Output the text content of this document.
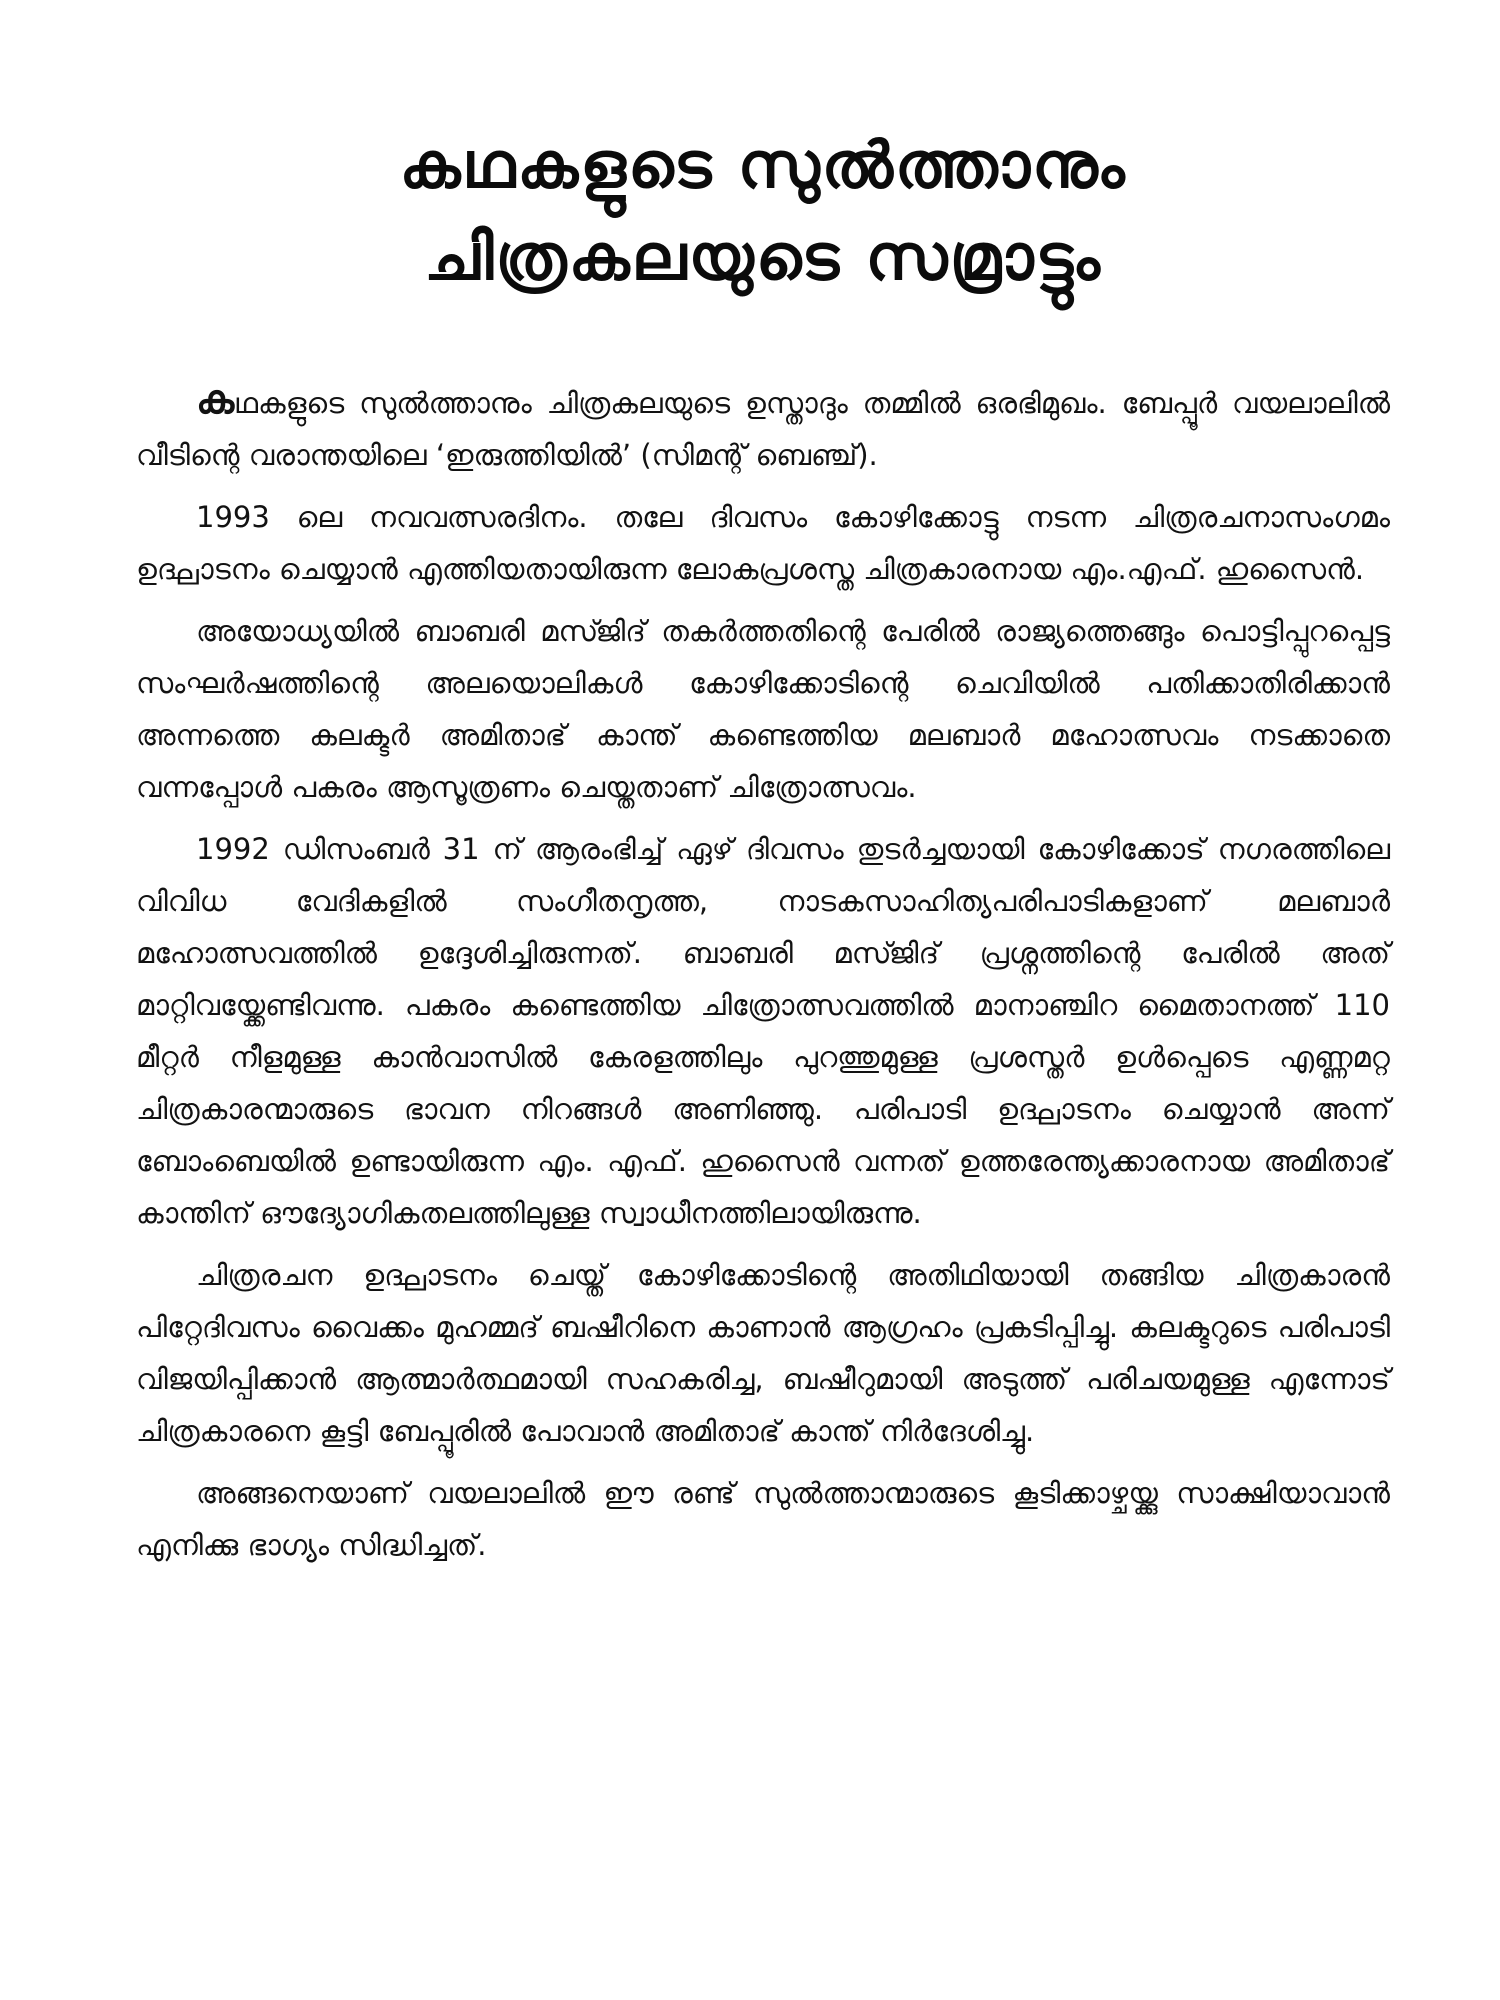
കഥകളുടെ സുൽത്താനും
ചിത്രകലയുടെ സമ്രാട്ടും

കഥകളുടെ സുൽത്താനും ചിത്രകലയുടെ ഉസ്താദും തമ്മിൽ ഒരഭിമുഖം. ബേപ്പൂർ വയലാലിൽ വീടിന്റെ വരാന്തയിലെ ‘ഇരുത്തിയിൽ’ (സിമന്റ് ബെഞ്ച്).

1993 ലെ നവവത്സരദിനം. തലേ ദിവസം കോഴിക്കോട്ടു നടന്ന ചിത്രരചനാസംഗമം ഉദ്ഘാടനം ചെയ്യാൻ എത്തിയതായിരുന്ന ലോകപ്രശസ്ത ചിത്രകാരനായ എം.എഫ്. ഹുസൈൻ.

അയോധ്യയിൽ ബാബരി മസ്ജിദ് തകർത്തതിന്റെ പേരിൽ രാജ്യത്തെങ്ങും പൊട്ടിപ്പുറപ്പെട്ട സംഘർഷത്തിന്റെ അലയൊലികൾ കോഴിക്കോടിന്റെ ചെവിയിൽ പതിക്കാതിരിക്കാൻ അന്നത്തെ കലക്ടർ അമിതാഭ് കാന്ത് കണ്ടെത്തിയ മലബാർ മഹോത്സവം നടക്കാതെ വന്നപ്പോൾ പകരം ആസൂത്രണം ചെയ്തതാണ് ചിത്രോത്സവം.

1992 ഡിസംബർ 31 ന് ആരംഭിച്ച് ഏഴ് ദിവസം തുടർച്ചയായി കോഴിക്കോട് നഗരത്തിലെ വിവിധ വേദികളിൽ സംഗീതനൃത്ത, നാടകസാഹിത്യപരിപാടികളാണ് മലബാർ മഹോത്സവത്തിൽ ഉദ്ദേശിച്ചിരുന്നത്. ബാബരി മസ്ജിദ് പ്രശ്നത്തിന്റെ പേരിൽ അത് മാറ്റിവയ്ക്കേണ്ടിവന്നു. പകരം കണ്ടെത്തിയ ചിത്രോത്സവത്തിൽ മാനാഞ്ചിറ മൈതാനത്ത് 110 മീറ്റർ നീളമുള്ള കാൻവാസിൽ കേരളത്തിലും പുറത്തുമുള്ള പ്രശസ്തർ ഉൾപ്പെടെ എണ്ണമറ്റ ചിത്രകാരന്മാരുടെ ഭാവന നിറങ്ങൾ അണിഞ്ഞു. പരിപാടി ഉദ്ഘാടനം ചെയ്യാൻ അന്ന് ബോംബെയിൽ ഉണ്ടായിരുന്ന എം. എഫ്. ഹുസൈൻ വന്നത് ഉത്തരേന്ത്യക്കാരനായ അമിതാഭ് കാന്തിന് ഔദ്യോഗികതലത്തിലുള്ള സ്വാധീനത്തിലായിരുന്നു.

ചിത്രരചന ഉദ്ഘാടനം ചെയ്ത് കോഴിക്കോടിന്റെ അതിഥിയായി തങ്ങിയ ചിത്രകാരൻ പിറ്റേദിവസം വൈക്കം മുഹമ്മദ് ബഷീറിനെ കാണാൻ ആഗ്രഹം പ്രകടിപ്പിച്ചു. കലക്ടറുടെ പരിപാടി വിജയിപ്പിക്കാൻ ആത്മാർത്ഥമായി സഹകരിച്ച, ബഷീറുമായി അടുത്ത് പരിചയമുള്ള എന്നോട് ചിത്രകാരനെ കൂട്ടി ബേപ്പൂരിൽ പോവാൻ അമിതാഭ് കാന്ത് നിർദേശിച്ചു.

അങ്ങനെയാണ് വയലാലിൽ ഈ രണ്ട് സുൽത്താന്മാരുടെ കൂടിക്കാഴ്ചയ്ക്കു സാക്ഷിയാവാൻ എനിക്കു ഭാഗ്യം സിദ്ധിച്ചത്.
